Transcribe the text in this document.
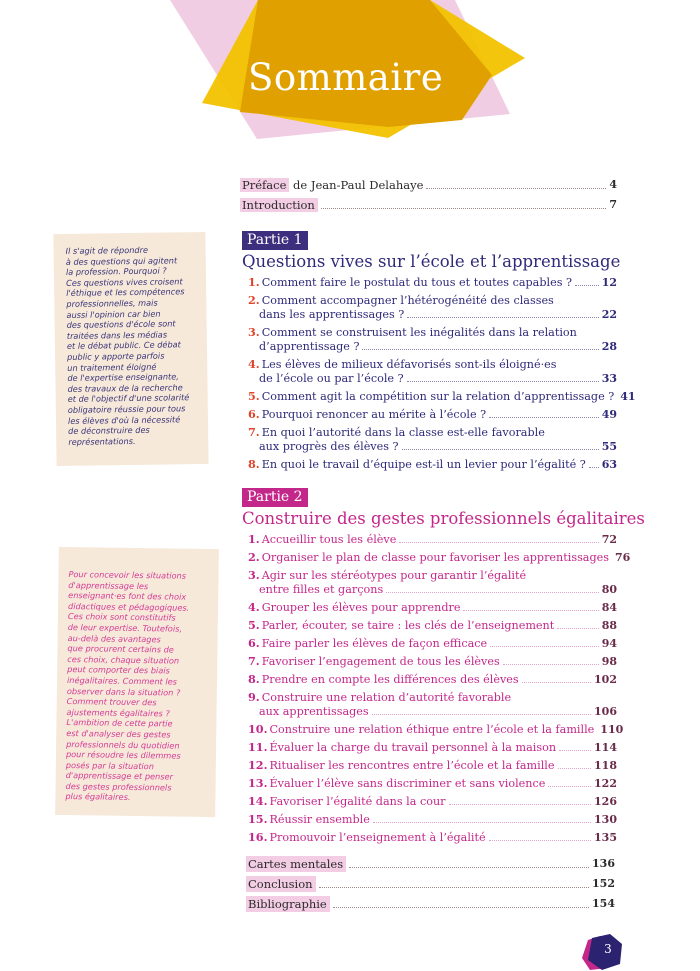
Sommaire
Il s'agit de répondre
à des questions qui agitent
la profession. Pourquoi ?
Ces questions vives croisent
l'éthique et les compétences
professionnelles, mais
aussi l'opinion car bien
des questions d'école sont
traitées dans les médias
et le débat public. Ce débat
public y apporte parfois
un traitement éloigné
de l'expertise enseignante,
des travaux de la recherche
et de l'objectif d'une scolarité
obligatoire réussie pour tous
les élèves d'où la nécessité
de déconstruire des
représentations.
Pour concevoir les situations
d'apprentissage les
enseignant·es font des choix
didactiques et pédagogiques.
Ces choix sont constitutifs
de leur expertise. Toutefois,
au-delà des avantages
que procurent certains de
ces choix, chaque situation
peut comporter des biais
inégalitaires. Comment les
observer dans la situation ?
Comment trouver des
ajustements égalitaires ?
L'ambition de cette partie
est d'analyser des gestes
professionnels du quotidien
pour résoudre les dilemmes
posés par la situation
d'apprentissage et penser
des gestes professionnels
plus égalitaires.
Préface de Jean-Paul Delahaye	4
Introduction	7
Partie 1
Questions vives sur l’école et l’apprentissage
1. Comment faire le postulat du tous et toutes capables ?	12
2. Comment accompagner l’hétérogénéité des classes
dans les apprentissages ?	22
3. Comment se construisent les inégalités dans la relation
d’apprentissage ?	28
4. Les élèves de milieux défavorisés sont-ils éloigné·es
de l’école ou par l’école ?	33
5. Comment agit la compétition sur la relation d’apprentissage ? 41
6. Pourquoi renoncer au mérite à l’école ?	49
7. En quoi l’autorité dans la classe est-elle favorable
aux progrès des élèves ?	55
8. En quoi le travail d’équipe est-il un levier pour l’égalité ? 63
Partie 2
Construire des gestes professionnels égalitaires
1. Accueillir tous les élève	72
2. Organiser le plan de classe pour favoriser les apprentissages 76
3. Agir sur les stéréotypes pour garantir l’égalité
entre filles et garçons	80
4. Grouper les élèves pour apprendre	84
5. Parler, écouter, se taire : les clés de l’enseignement	88
6. Faire parler les élèves de façon efficace	94
7. Favoriser l’engagement de tous les élèves	98
8. Prendre en compte les différences des élèves	102
9. Construire une relation d’autorité favorable
aux apprentissages	106
10. Construire une relation éthique entre l’école et la famille 110
11. Évaluer la charge du travail personnel à la maison	114
12. Ritualiser les rencontres entre l’école et la famille	118
13. Évaluer l’élève sans discriminer et sans violence	122
14. Favoriser l’égalité dans la cour	126
15. Réussir ensemble	130
16. Promouvoir l’enseignement à l’égalité	135
Cartes mentales	136
Conclusion	152
Bibliographie	154
3
